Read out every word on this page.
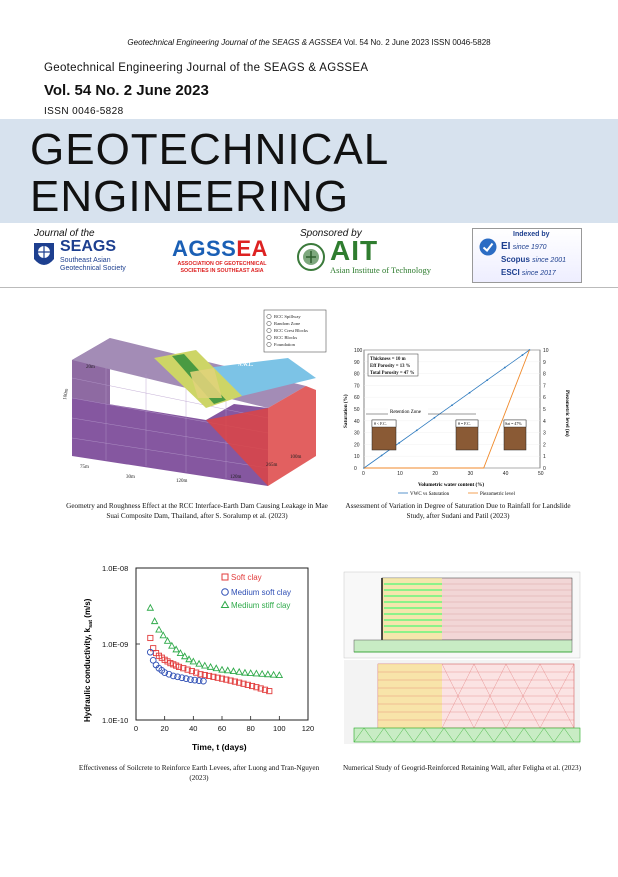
Geotechnical Engineering Journal of the SEAGS & AGSSEA Vol. 54 No. 2 June 2023 ISSN 0046-5828
Geotechnical Engineering Journal of the SEAGS & AGSSEA
Vol. 54 No. 2 June 2023
ISSN 0046-5828
GEOTECHNICAL
ENGINEERING
Journal of the
SEAGS
Southeast Asian
Geotechnical Society
AGSSEA
ASSOCIATION OF GEOTECHNICAL
SOCIETIES IN SOUTHEAST ASIA
Sponsored by
AIT
Asian Institute of Technology
Indexed by
EI since 1970
Scopus since 2001
ESCI since 2017
RCC Spillway
Random Zone
RCC Crest Blocks
RCC Blocks
Foundation
100m
20m
75m
30m
120m
265m
100m
120m
N.W.L.
Geometry and Roughness Effect at the RCC Interface-Earth Dam Causing Leakage in Mae Suai Composite Dam, Thailand, after S. Soralump et al. (2023)
0	10	20	30	40	50
0
10
20
30
40
50
60
70
80
90
100
0
1
2
3
4
5
6
7
8
9
10
Thickness = 10 m
Eff Porosity = 13 %
Total Porosity = 47 %
Retention Zone
θ < F.C.	θ = F.C.	Sat = 47%
Volumetric water content (%)
Saturation (%)	Piezometric level (m)
VWC vs Saturation	Piezometric level
Assessment of Variation in Degree of Saturation Due to Rainfall for Landslide Study, after Sudani and Patil (2023)
0	20	40	60	80 100 120
1.0E-08
1.0E-09
1.0E-10
Time, t (days)
Hydraulic conductivity, $k_{sat}$ (m/s)
Soft clay
Medium soft clay
Medium stiff clay
Effectiveness of Soilcrete to Reinforce Earth Levees, after Luong and Tran-Nguyen (2023)
Numerical Study of Geogrid-Reinforced Retaining Wall, after Feligha et al. (2023)
